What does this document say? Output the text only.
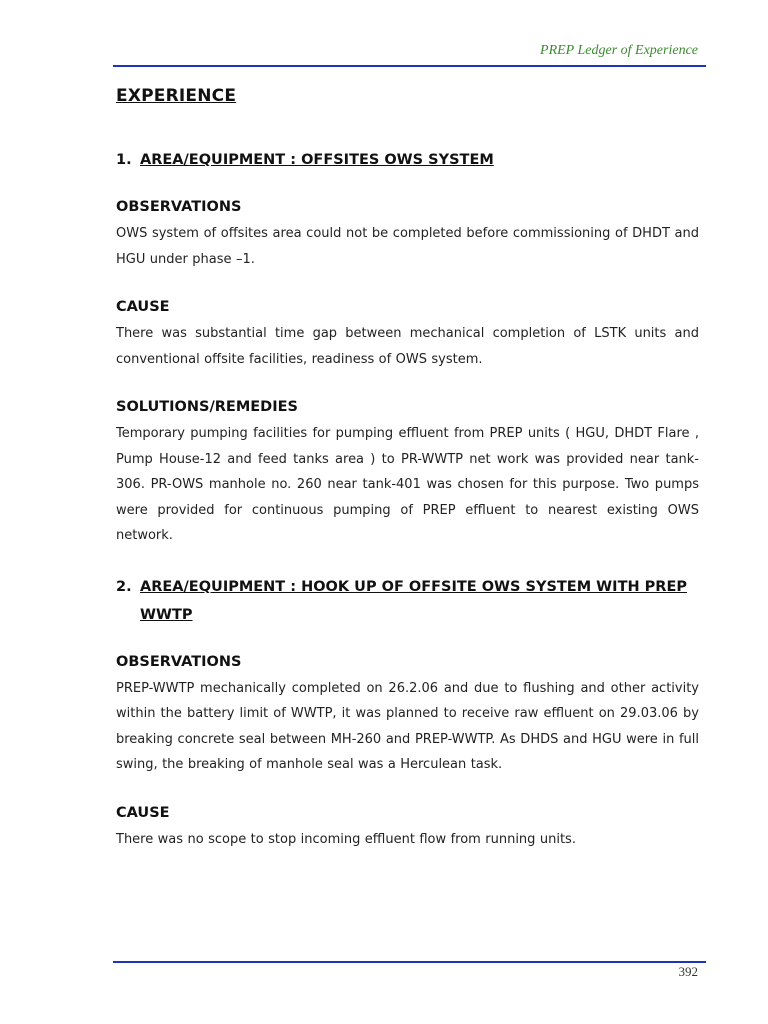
PREP Ledger of Experience
EXPERIENCE
1. AREA/EQUIPMENT : OFFSITES OWS SYSTEM
OBSERVATIONS
OWS system of offsites area could not be completed before commissioning of DHDT and HGU under phase –1.
CAUSE
There was substantial time gap between mechanical completion of LSTK units and conventional offsite facilities, readiness of OWS system.
SOLUTIONS/REMEDIES
Temporary pumping facilities for pumping effluent from PREP units ( HGU, DHDT Flare , Pump House-12 and feed tanks area ) to PR-WWTP net work was provided near tank-306. PR-OWS manhole no. 260 near tank-401 was chosen for this purpose. Two pumps were provided for continuous pumping of PREP effluent to nearest existing OWS network.
2. AREA/EQUIPMENT : HOOK UP OF OFFSITE OWS SYSTEM WITH PREP WWTP
OBSERVATIONS
PREP-WWTP mechanically completed on 26.2.06 and due to flushing and other activity within the battery limit of WWTP, it was planned to receive raw effluent on 29.03.06 by breaking concrete seal between MH-260 and PREP-WWTP. As DHDS and HGU were in full swing, the breaking of manhole seal was a Herculean task.
CAUSE
There was no scope to stop incoming effluent flow from running units.
392
